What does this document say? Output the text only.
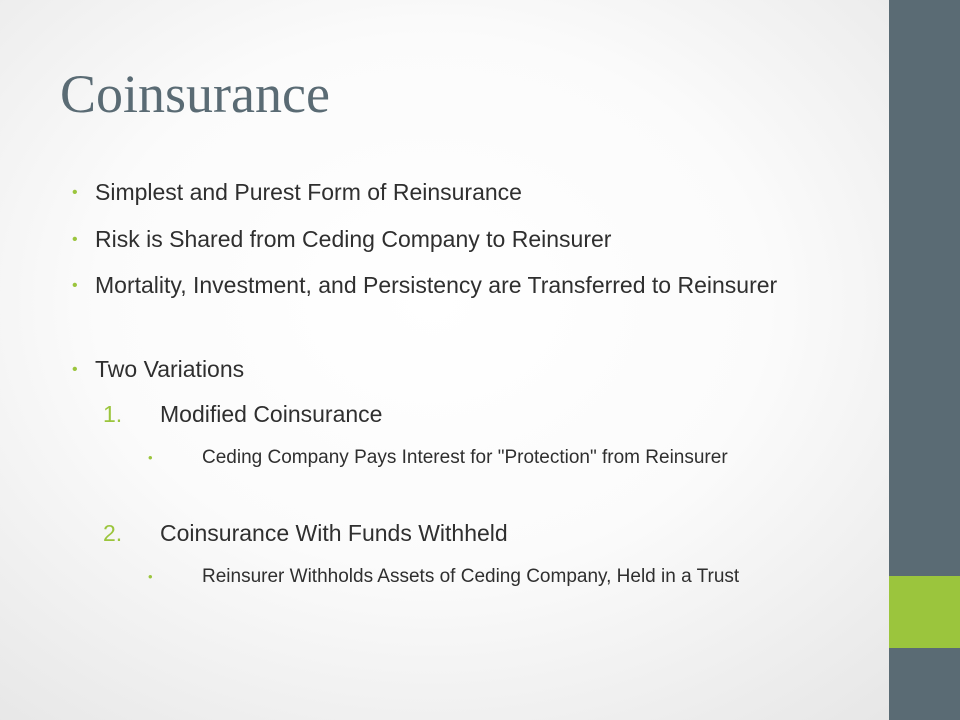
Coinsurance
• Simplest and Purest Form of Reinsurance
• Risk is Shared from Ceding Company to Reinsurer
• Mortality, Investment, and Persistency are Transferred to Reinsurer
• Two Variations
1. Modified Coinsurance
•	Ceding Company Pays Interest for "Protection" from Reinsurer
2. Coinsurance With Funds Withheld
•	Reinsurer Withholds Assets of Ceding Company, Held in a Trust
